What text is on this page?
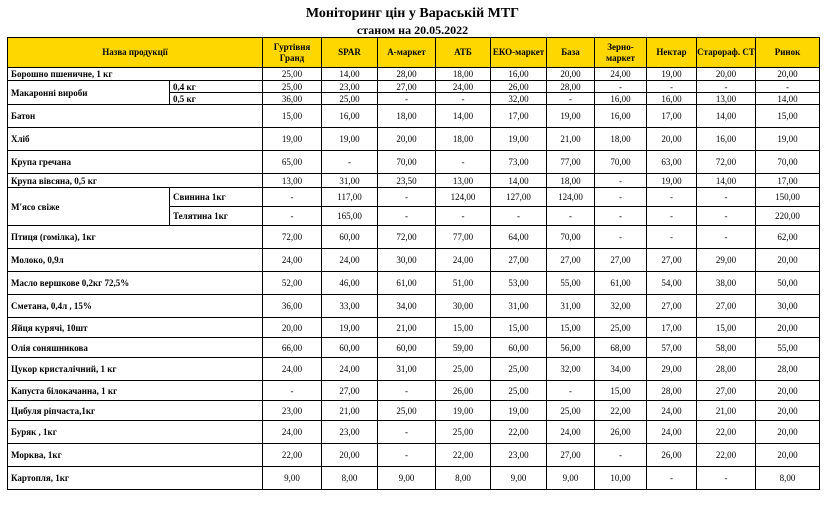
Моніторинг цін у Вараській МТГ
станом на 20.05.2022
Назва продукції		Гуртівня Гранд	SPAR	А-маркет	АТБ	ЕКО-маркет	База	Зерно-маркет	Нектар	Старораф. СТ	Ринок
Борошно пшеничне, 1 кг		25,00	14,00	28,00	18,00	16,00	20,00	24,00	19,00	20,00	20,00
Макаронні вироби	0,4 кг	25,00	23,00	27,00	24,00	26,00	28,00	-	-	-	-
	0,5 кг	36,00	25,00	-	-	32,00	-	16,00	16,00	13,00	14,00
Батон		15,00	16,00	18,00	14,00	17,00	19,00	16,00	17,00	14,00	15,00
Хліб		19,00	19,00	20,00	18,00	19,00	21,00	18,00	20,00	16,00	19,00
Крупа гречана		65,00	-	70,00	-	73,00	77,00	70,00	63,00	72,00	70,00
Крупа вівсяна, 0,5 кг		13,00	31,00	23,50	13,00	14,00	18,00	-	19,00	14,00	17,00
М'ясо свіже	Свинина 1кг	-	117,00	-	124,00	127,00	124,00	-	-	-	150,00
	Телятина 1кг	-	165,00	-	-	-	-	-	-	-	220,00
Птиця (гомілка), 1кг		72,00	60,00	72,00	77,00	64,00	70,00	-	-	-	62,00
Молоко, 0,9л		24,00	24,00	30,00	24,00	27,00	27,00	27,00	27,00	29,00	20,00
Масло вершкове 0,2кг 72,5%		52,00	46,00	61,00	51,00	53,00	55,00	61,00	54,00	38,00	50,00
Сметана, 0,4л , 15%		36,00	33,00	34,00	30,00	31,00	31,00	32,00	27,00	27,00	30,00
Яйця курячі, 10шт		20,00	19,00	21,00	15,00	15,00	15,00	25,00	17,00	15,00	20,00
Олія соняшникова		66,00	60,00	60,00	59,00	60,00	56,00	68,00	57,00	58,00	55,00
Цукор кристалічний, 1 кг		24,00	24,00	31,00	25,00	25,00	32,00	34,00	29,00	28,00	28,00
Капуста білокачанна, 1 кг		-	27,00	-	26,00	25,00	-	15,00	28,00	27,00	20,00
Цибуля ріпчаста,1кг		23,00	21,00	25,00	19,00	19,00	25,00	22,00	24,00	21,00	20,00
Буряк , 1кг		24,00	23,00	-	25,00	22,00	24,00	26,00	24,00	22,00	20,00
Морква, 1кг		22,00	20,00	-	22,00	23,00	27,00	-	26,00	22,00	20,00
Картопля, 1кг		9,00	8,00	9,00	8,00	9,00	9,00	10,00	-	-	8,00
